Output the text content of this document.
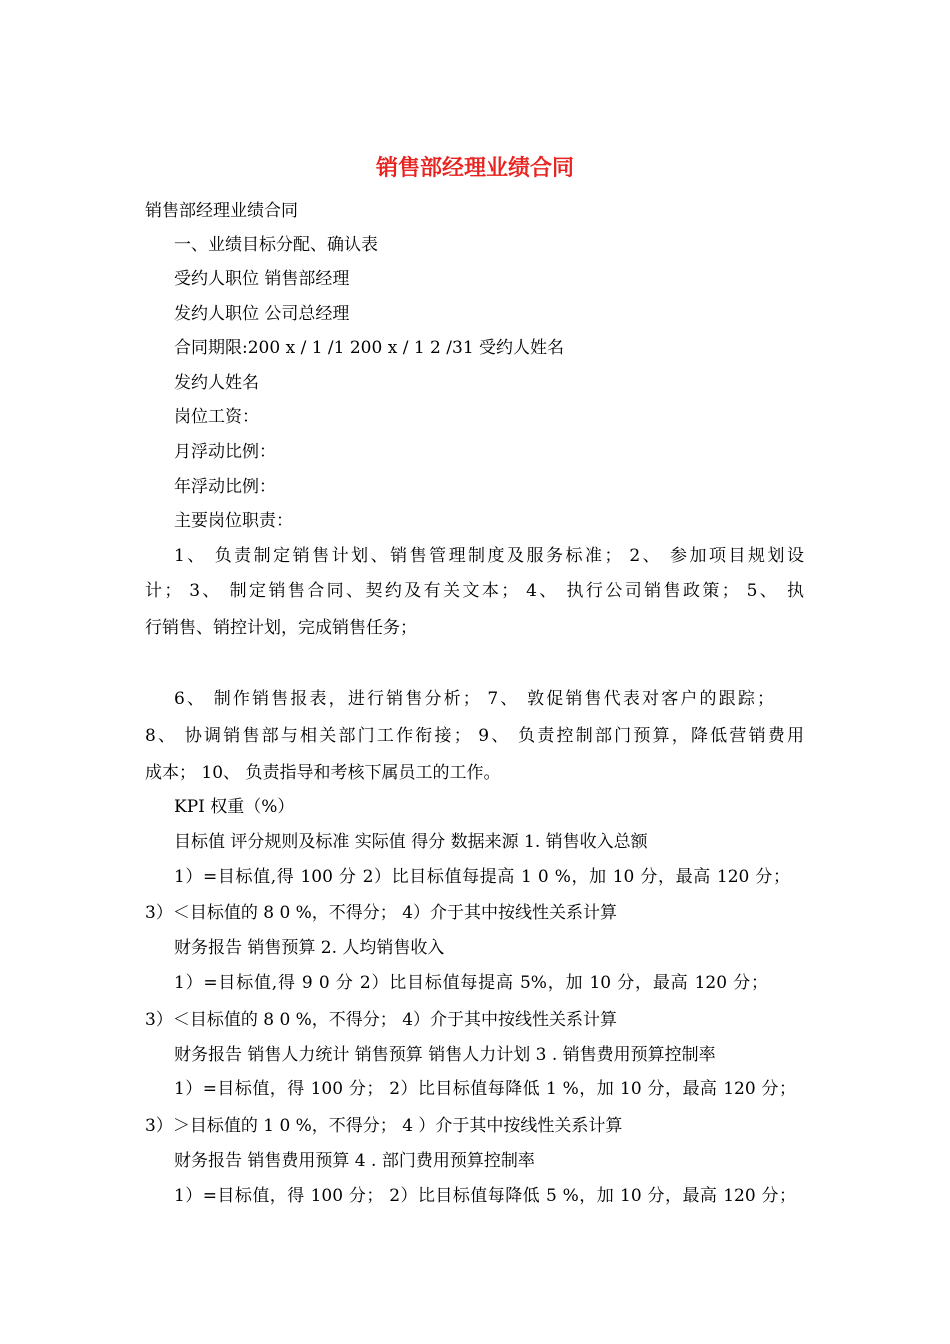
销售部经理业绩合同
销售部经理业绩合同
一、业绩目标分配、确认表
受约人职位 销售部经理
发约人职位 公司总经理
合同期限:200 x / 1 /1 200 x / 1 2 /31 受约人姓名
发约人姓名
岗位工资：
月浮动比例：
年浮动比例：
主要岗位职责：
1、 负责制定销售计划、销售管理制度及服务标准； 2、 参加项目规划设
计； 3、 制定销售合同、契约及有关文本； 4、 执行公司销售政策； 5、 执
行销售、销控计划，完成销售任务；
6、 制作销售报表，进行销售分析； 7、 敦促销售代表对客户的跟踪；
8、 协调销售部与相关部门工作衔接； 9、 负责控制部门预算，降低营销费用
成本； 10、 负责指导和考核下属员工的工作。
KPI 权重（%）
目标值 评分规则及标准 实际值 得分 数据来源 1. 销售收入总额
1）=目标值,得 100 分 2）比目标值每提高 1 0 %，加 10 分，最高 120 分；
3）＜目标值的 8 0 %，不得分； 4）介于其中按线性关系计算
财务报告 销售预算 2. 人均销售收入
1）=目标值,得 9 0 分 2）比目标值每提高 5%，加 10 分，最高 120 分；
3）＜目标值的 8 0 %，不得分； 4）介于其中按线性关系计算
财务报告 销售人力统计 销售预算 销售人力计划 3 . 销售费用预算控制率
1）=目标值，得 100 分； 2）比目标值每降低 1 %，加 10 分，最高 120 分；
3）＞目标值的 1 0 %，不得分； 4 ）介于其中按线性关系计算
财务报告 销售费用预算 4 . 部门费用预算控制率
1）=目标值，得 100 分； 2）比目标值每降低 5 %，加 10 分，最高 120 分；
